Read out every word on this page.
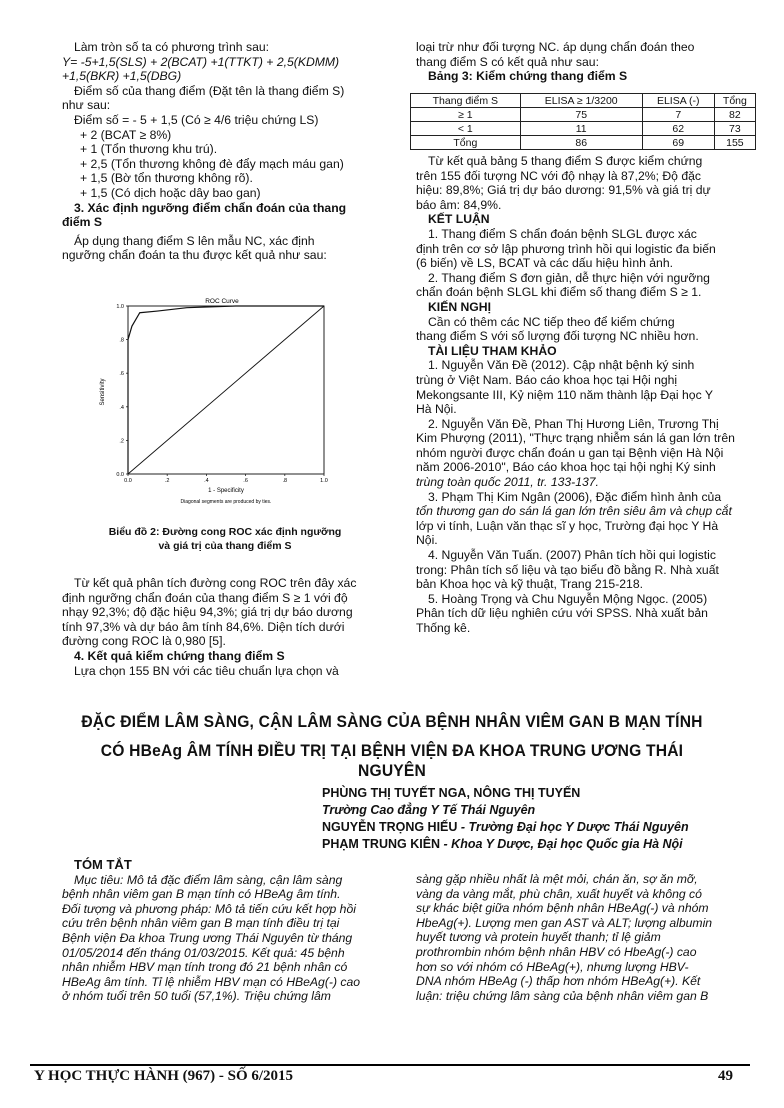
Làm tròn số ta có phương trình sau:
Y= -5+1,5(SLS) + 2(BCAT) +1(TTKT) + 2,5(KDMM)
+1,5(BKR) +1,5(DBG)
Điểm số của thang điểm (Đặt tên là thang điểm S)
như sau:
Điểm số = - 5 + 1,5 (Có ≥ 4/6 triệu chứng LS)
+ 2 (BCAT ≥ 8%)
+ 1 (Tổn thương khu trú).
+ 2,5 (Tổn thương không đè đẩy mạch máu gan)
+ 1,5 (Bờ tổn thương không rõ).
+ 1,5 (Có dịch hoặc dây bao gan)
3. Xác định ngưỡng điểm chẩn đoán của thang
điểm S
Áp dụng thang điểm S lên mẫu NC, xác định
ngưỡng chẩn đoán ta thu được kết quả như sau:
ROC Curve
0.0	.2	.4	.6	.8	1.0
0.0
.2
.4
.6
.8
1.0
Sensitivity
1 - Specificity
Diagonal segments are produced by ties.
Biểu đồ 2: Đường cong ROC xác định ngưỡng
và giá trị của thang điểm S
Từ kết quả phân tích đường cong ROC trên đây xác
định ngưỡng chẩn đoán của thang điểm S ≥ 1 với độ
nhạy 92,3%; độ đặc hiệu 94,3%; giá trị dự báo dương
tính 97,3% và dự báo âm tính 84,6%. Diện tích dưới
đường cong ROC là 0,980 [5].
4. Kết quả kiểm chứng thang điểm S
Lựa chọn 155 BN với các tiêu chuẩn lựa chọn và
loại trừ như đối tượng NC. áp dụng chẩn đoán theo
thang điểm S có kết quả như sau:
Bảng 3: Kiểm chứng thang điểm S
Thang điểm S	ELISA ≥ 1/3200	ELISA (-)	Tổng
≥ 1	75	7	82
< 1	11	62	73
Tổng	86	69	155
Từ kết quả bảng 5 thang điểm S được kiểm chứng
trên 155 đối tượng NC với độ nhạy là 87,2%; Độ đặc
hiệu: 89,8%; Giá trị dự báo dương: 91,5% và giá trị dự
báo âm: 84,9%.
KẾT LUẬN
1. Thang điểm S chẩn đoán bệnh SLGL được xác
định trên cơ sở lập phương trình hồi qui logistic đa biến
(6 biến) về LS, BCAT và các dấu hiệu hình ảnh.
2. Thang điểm S đơn giản, dễ thực hiện với ngưỡng
chẩn đoán bệnh SLGL khi điểm số thang điểm S ≥ 1.
KIẾN NGHỊ
Cần có thêm các NC tiếp theo để kiểm chứng
thang điểm S với số lượng đối tượng NC nhiều hơn.
TÀI LIỆU THAM KHẢO
1. Nguyễn Văn Đề (2012). Cập nhật bệnh ký sinh
trùng ở Việt Nam. Báo cáo khoa học tại Hội nghị
Mekongsante III, Kỷ niệm 110 năm thành lập Đại học Y
Hà Nội.
2. Nguyễn Văn Đề, Phan Thị Hương Liên, Trương Thị
Kim Phượng (2011), "Thực trạng nhiễm sán lá gan lớn trên
nhóm người được chẩn đoán u gan tại Bệnh viện Hà Nội
năm 2006-2010", Báo cáo khoa học tại hội nghị Ký sinh
trùng toàn quốc 2011, tr. 133-137.
3. Phạm Thị Kim Ngân (2006), Đặc điểm hình ảnh của
tổn thương gan do sán lá gan lớn trên siêu âm và chụp cắt
lớp vi tính, Luận văn thạc sĩ y học, Trường đại học Y Hà
Nội.
4. Nguyễn Văn Tuấn. (2007) Phân tích hồi qui logistic
trong: Phân tích số liệu và tạo biểu đồ bằng R. Nhà xuất
bản Khoa học và kỹ thuật, Trang 215-218.
5. Hoàng Trọng và Chu Nguyễn Mộng Ngọc. (2005)
Phân tích dữ liệu nghiên cứu với SPSS. Nhà xuất bản
Thống kê.
ĐẶC ĐIỂM LÂM SÀNG, CẬN LÂM SÀNG CỦA BỆNH NHÂN VIÊM GAN B MẠN TÍNH
CÓ HBeAg ÂM TÍNH ĐIỀU TRỊ TẠI BỆNH VIỆN ĐA KHOA TRUNG ƯƠNG THÁI NGUYÊN
PHÙNG THỊ TUYẾT NGA, NÔNG THỊ TUYẾN
Trường Cao đẳng Y Tế Thái Nguyên
NGUYỄN TRỌNG HIẾU - Trường Đại học Y Dược Thái Nguyên
PHẠM TRUNG KIÊN - Khoa Y Dược, Đại học Quốc gia Hà Nội
TÓM TẮT
Mục tiêu: Mô tả đặc điểm lâm sàng, cận lâm sàng
bệnh nhân viêm gan B mạn tính có HBeAg âm tính.
Đối tượng và phương pháp: Mô tả tiến cứu kết hợp hồi
cứu trên bệnh nhân viêm gan B mạn tính điều trị tại
Bệnh viện Đa khoa Trung ương Thái Nguyên từ tháng
01/05/2014 đến tháng 01/03/2015. Kết quả: 45 bệnh
nhân nhiễm HBV mạn tính trong đó 21 bệnh nhân có
HBeAg âm tính. Tỉ lệ nhiễm HBV mạn có HBeAg(-) cao
ở nhóm tuổi trên 50 tuổi (57,1%). Triệu chứng lâm
sàng gặp nhiều nhất là mệt mỏi, chán ăn, sợ ăn mỡ,
vàng da vàng mắt, phù chân, xuất huyết và không có
sự khác biệt giữa nhóm bệnh nhân HBeAg(-) và nhóm
HbeAg(+). Lượng men gan AST và ALT; lượng albumin
huyết tương và protein huyết thanh; tỉ lệ giảm
prothrombin nhóm bệnh nhân HBV có HbeAg(-) cao
hơn so với nhóm có HBeAg(+), nhưng lượng HBV-
DNA nhóm HBeAg (-) thấp hơn nhóm HBeAg(+). Kết
luận: triệu chứng lâm sàng của bệnh nhân viêm gan B
Y HỌC THỰC HÀNH (967) - SỐ 6/2015	49
